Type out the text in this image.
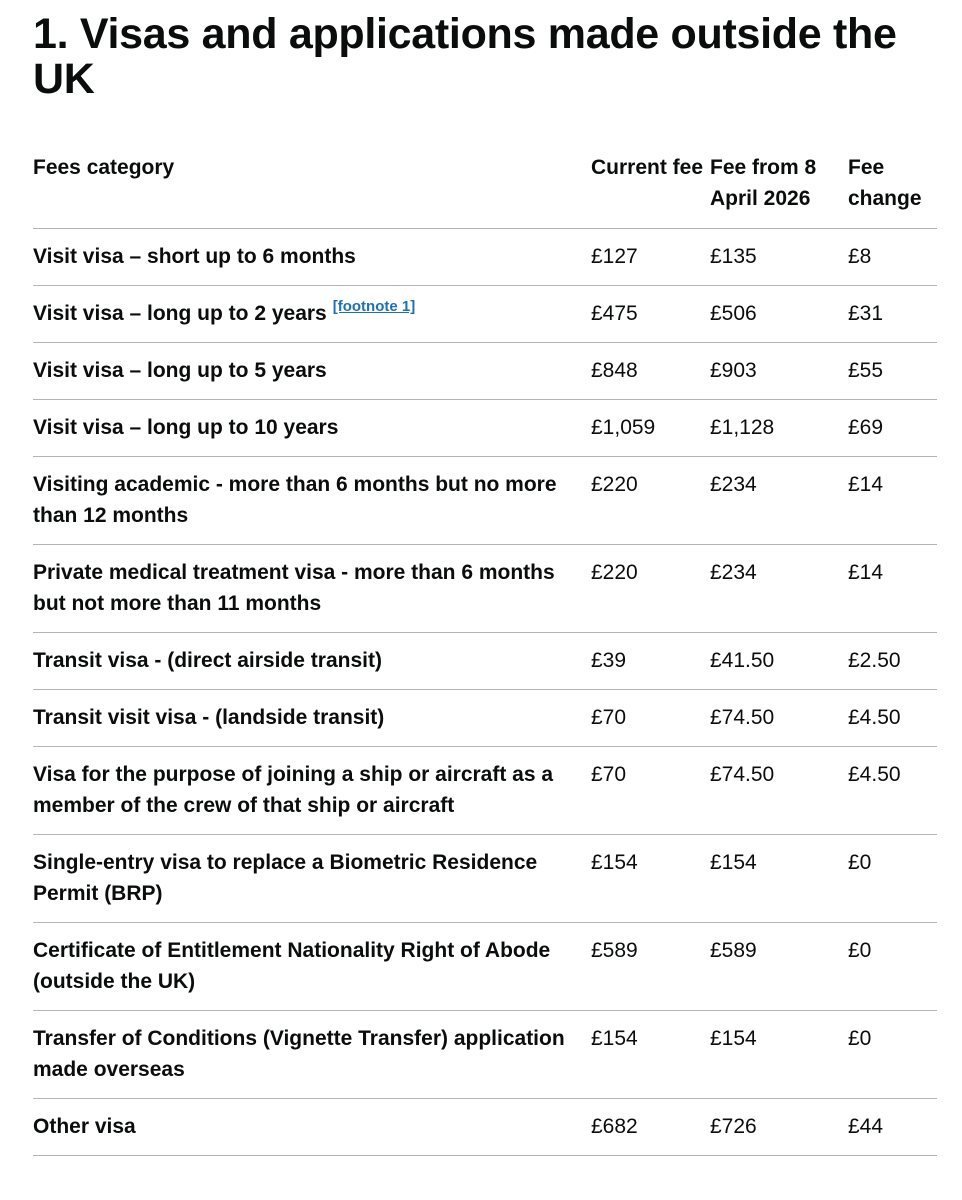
1. Visas and applications made outside the UK
Fees category	Current fee	Fee from 8 April 2026	Fee change
Visit visa – short up to 6 months	£127	£135	£8
Visit visa – long up to 2 years [footnote 1]	£475	£506	£31
Visit visa – long up to 5 years	£848	£903	£55
Visit visa – long up to 10 years	£1,059	£1,128	£69
Visiting academic - more than 6 months but no more than 12 months	£220	£234	£14
Private medical treatment visa - more than 6 months but not more than 11 months	£220	£234	£14
Transit visa - (direct airside transit)	£39	£41.50	£2.50
Transit visit visa - (landside transit)	£70	£74.50	£4.50
Visa for the purpose of joining a ship or aircraft as a member of the crew of that ship or aircraft	£70	£74.50	£4.50
Single-entry visa to replace a Biometric Residence Permit (BRP)	£154	£154	£0
Certificate of Entitlement Nationality Right of Abode (outside the UK)	£589	£589	£0
Transfer of Conditions (Vignette Transfer) application made overseas	£154	£154	£0
Other visa	£682	£726	£44
